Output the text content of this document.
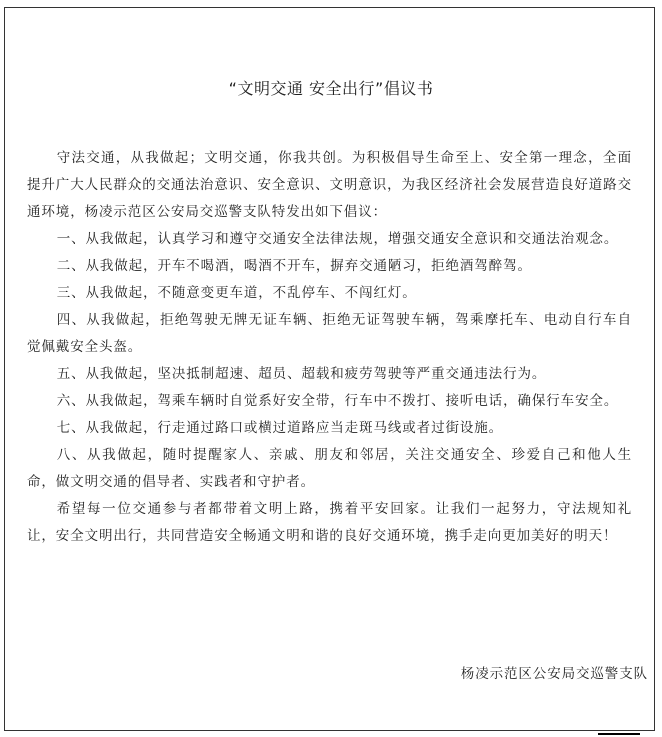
“文明交通 安全出行”倡议书

守法交通，从我做起；文明交通，你我共创。为积极倡导生命至上、安全第一理念，全面提升广大人民群众的交通法治意识、安全意识、文明意识，为我区经济社会发展营造良好道路交通环境，杨凌示范区公安局交巡警支队特发出如下倡议：

一、从我做起，认真学习和遵守交通安全法律法规，增强交通安全意识和交通法治观念。

二、从我做起，开车不喝酒，喝酒不开车，摒弃交通陋习，拒绝酒驾醉驾。

三、从我做起，不随意变更车道，不乱停车、不闯红灯。

四、从我做起，拒绝驾驶无牌无证车辆、拒绝无证驾驶车辆，驾乘摩托车、电动自行车自觉佩戴安全头盔。

五、从我做起，坚决抵制超速、超员、超载和疲劳驾驶等严重交通违法行为。

六、从我做起，驾乘车辆时自觉系好安全带，行车中不拨打、接听电话，确保行车安全。

七、从我做起，行走通过路口或横过道路应当走斑马线或者过街设施。

八、从我做起，随时提醒家人、亲戚、朋友和邻居，关注交通安全、珍爱自己和他人生命，做文明交通的倡导者、实践者和守护者。

希望每一位交通参与者都带着文明上路，携着平安回家。让我们一起努力，守法规知礼让，安全文明出行，共同营造安全畅通文明和谐的良好交通环境，携手走向更加美好的明天！

杨凌示范区公安局交巡警支队
